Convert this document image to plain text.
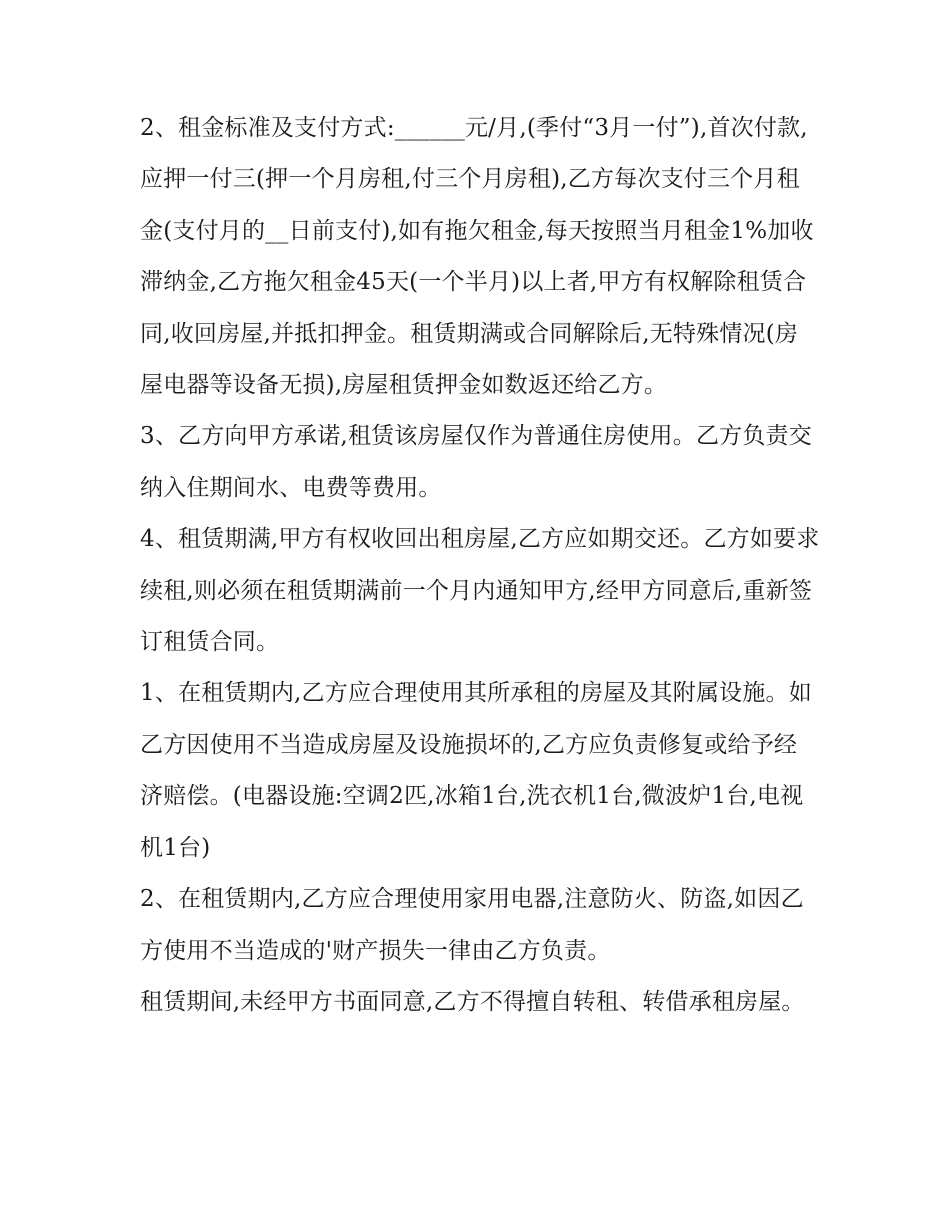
2、租金标准及支付方式:______元/月,(季付“3月一付”),首次付款,应押一付三(押一个月房租,付三个月房租),乙方每次支付三个月租金(支付月的__日前支付),如有拖欠租金,每天按照当月租金1%加收滞纳金,乙方拖欠租金45天(一个半月)以上者,甲方有权解除租赁合同,收回房屋,并抵扣押金。租赁期满或合同解除后,无特殊情况(房屋电器等设备无损),房屋租赁押金如数返还给乙方。

3、乙方向甲方承诺,租赁该房屋仅作为普通住房使用。乙方负责交纳入住期间水、电费等费用。

4、租赁期满,甲方有权收回出租房屋,乙方应如期交还。乙方如要求续租,则必须在租赁期满前一个月内通知甲方,经甲方同意后,重新签订租赁合同。

1、在租赁期内,乙方应合理使用其所承租的房屋及其附属设施。如乙方因使用不当造成房屋及设施损坏的,乙方应负责修复或给予经济赔偿。(电器设施:空调2匹,冰箱1台,洗衣机1台,微波炉1台,电视机1台)

2、在租赁期内,乙方应合理使用家用电器,注意防火、防盗,如因乙方使用不当造成的'财产损失一律由乙方负责。

租赁期间,未经甲方书面同意,乙方不得擅自转租、转借承租房屋。
